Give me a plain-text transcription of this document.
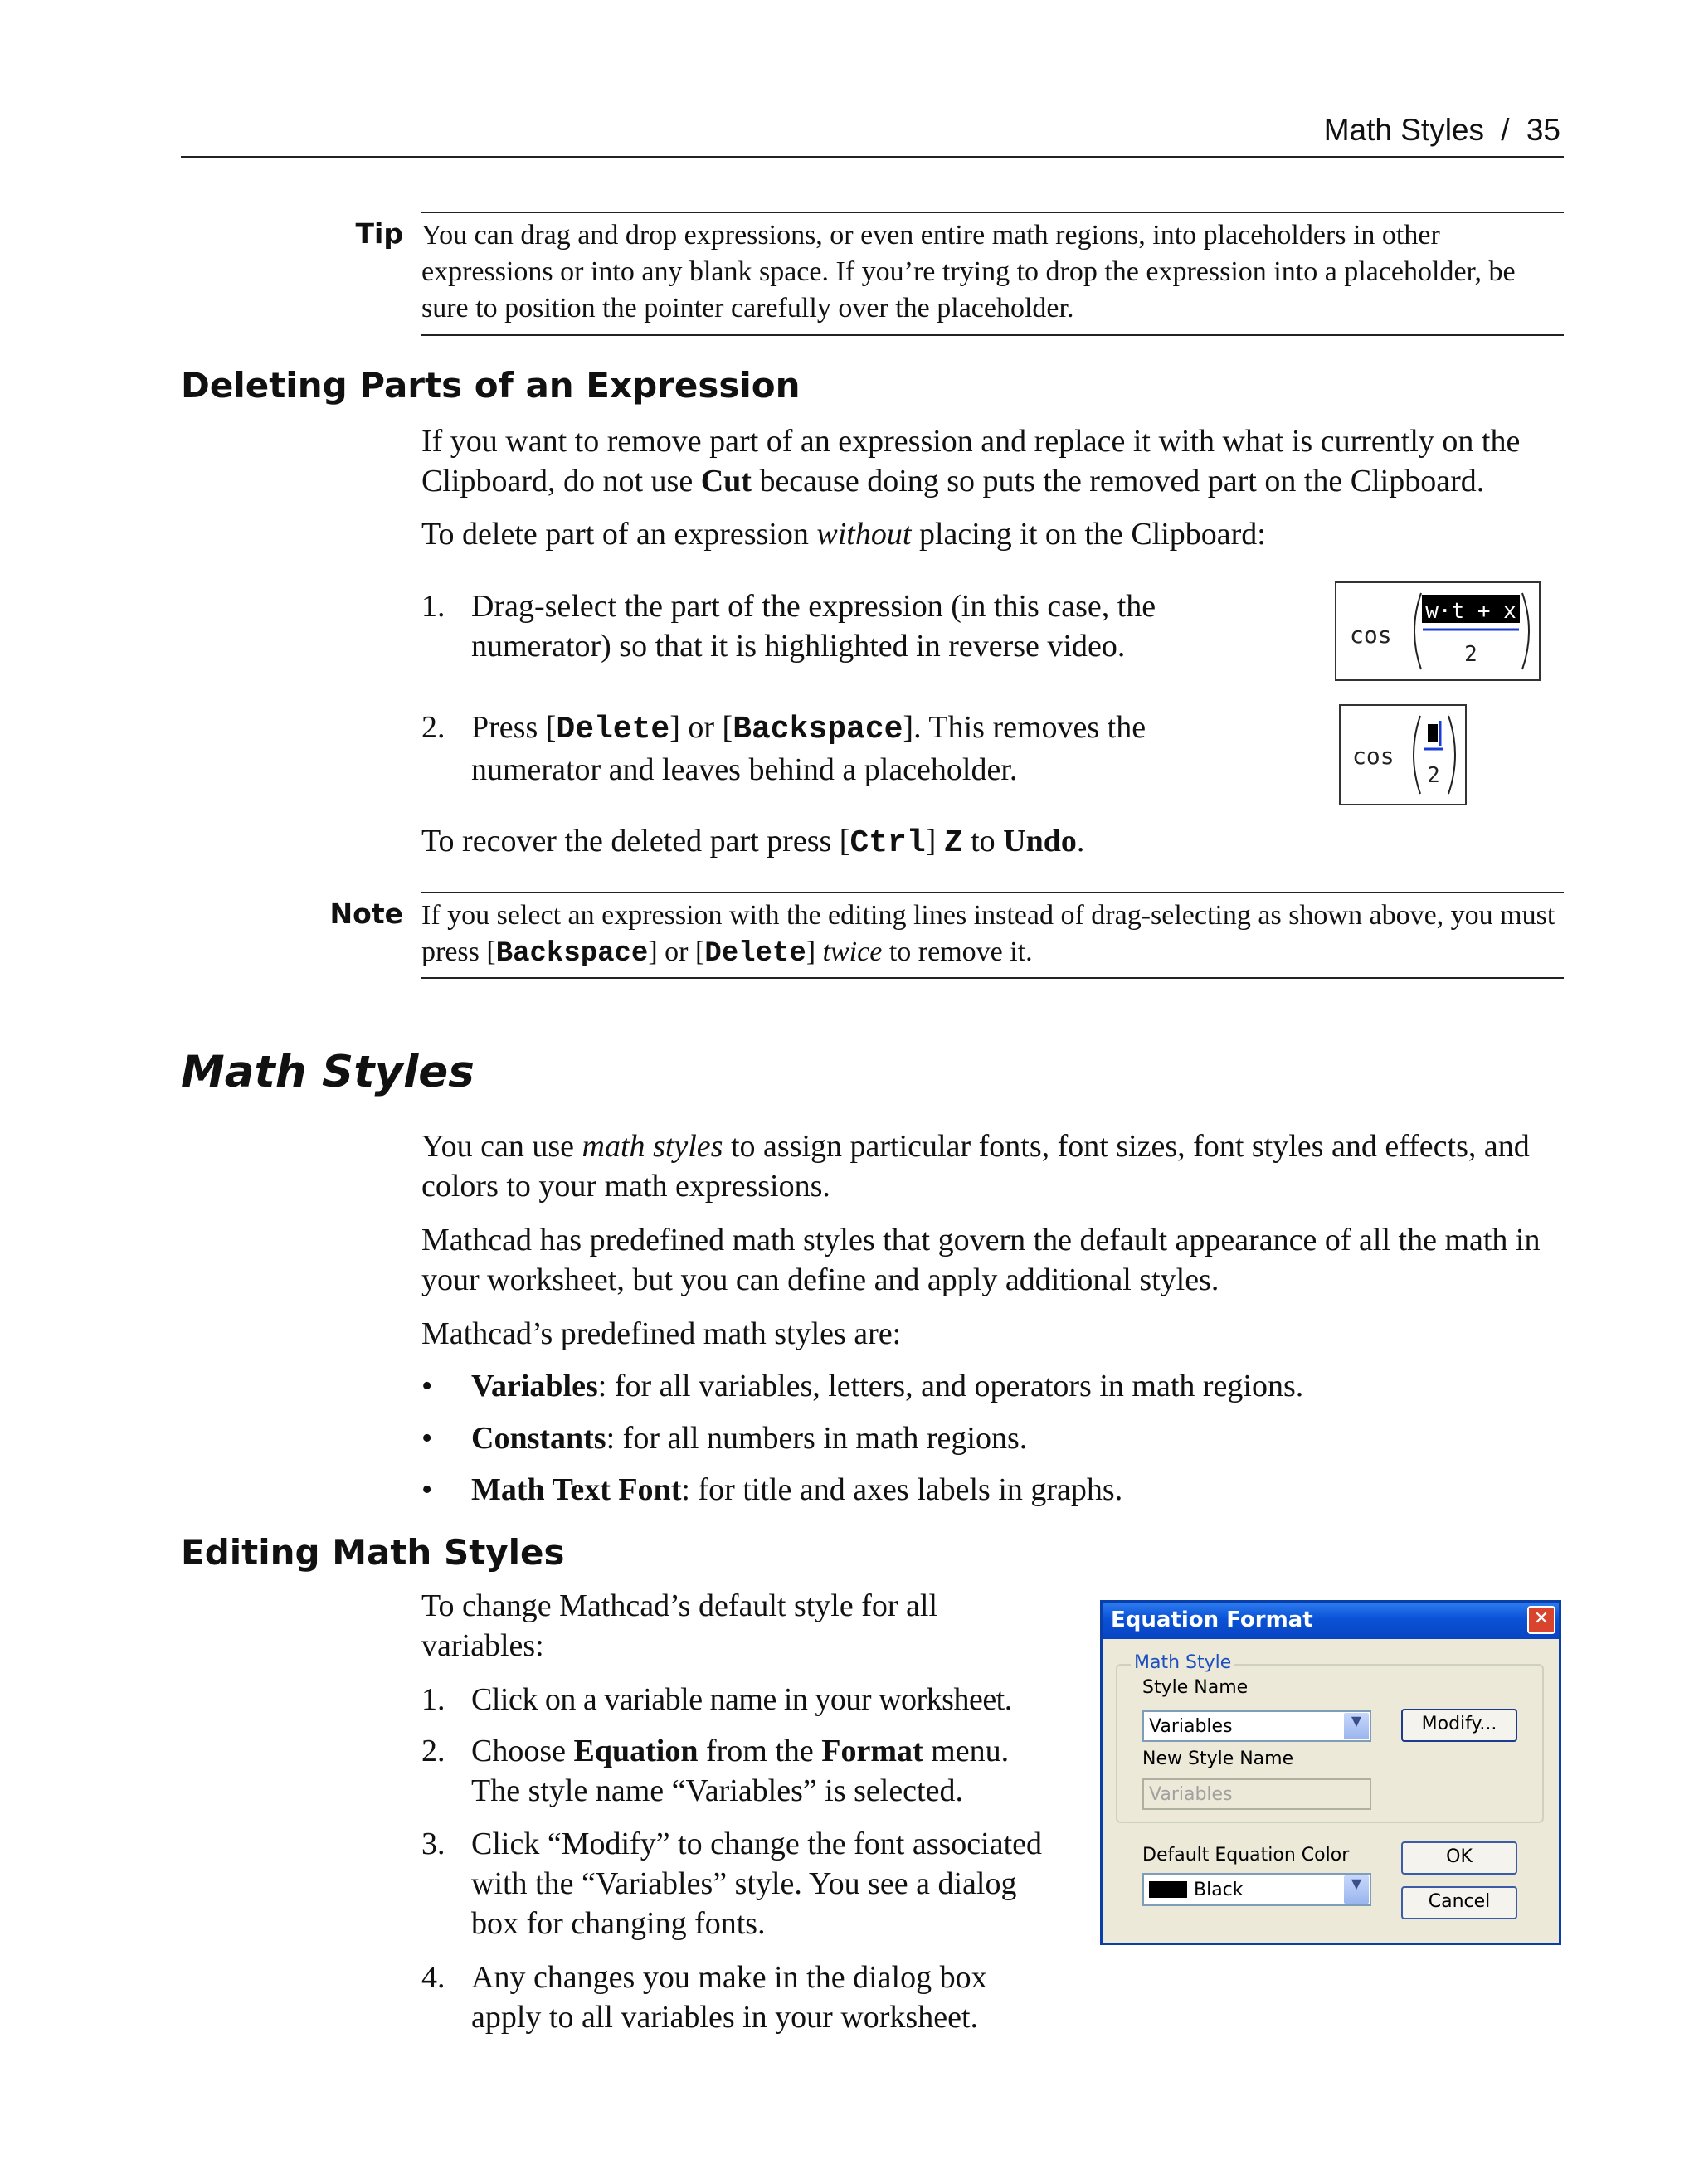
Math Styles / 35
Tip You can drag and drop expressions, or even entire math regions, into placeholders in other expressions or into any blank space. If you’re trying to drop the expression into a placeholder, be sure to position the pointer carefully over the placeholder.
Deleting Parts of an Expression
If you want to remove part of an expression and replace it with what is currently on the Clipboard, do not use Cut because doing so puts the removed part on the Clipboard.
To delete part of an expression without placing it on the Clipboard:
1. Drag-select the part of the expression (in this case, the numerator) so that it is highlighted in reverse video.	cos
w·t + x
2
2. Press [Delete] or [Backspace]. This removes the numerator and leaves behind a placeholder.	cos
2
To recover the deleted part press [Ctrl] Z to Undo.
Note If you select an expression with the editing lines instead of drag-selecting as shown above, you must press [Backspace] or [Delete] twice to remove it.
Math Styles
You can use math styles to assign particular fonts, font sizes, font styles and effects, and colors to your math expressions.
Mathcad has predefined math styles that govern the default appearance of all the math in your worksheet, but you can define and apply additional styles.
Mathcad’s predefined math styles are:
• Variables: for all variables, letters, and operators in math regions.
• Constants: for all numbers in math regions.
• Math Text Font: for title and axes labels in graphs.
Editing Math Styles
To change Mathcad’s default style for all variables:
1. Click on a variable name in your worksheet.
2. Choose Equation from the Format menu. The style name “Variables” is selected.
3. Click “Modify” to change the font associated with the “Variables” style. You see a dialog box for changing fonts.
4. Any changes you make in the dialog box apply to all variables in your worksheet.
Equation Format	✕
Math Style
Style Name
Variables	▼	Modify...
New Style Name
Variables
Default Equation Color
Black	▼
OK
Cancel
